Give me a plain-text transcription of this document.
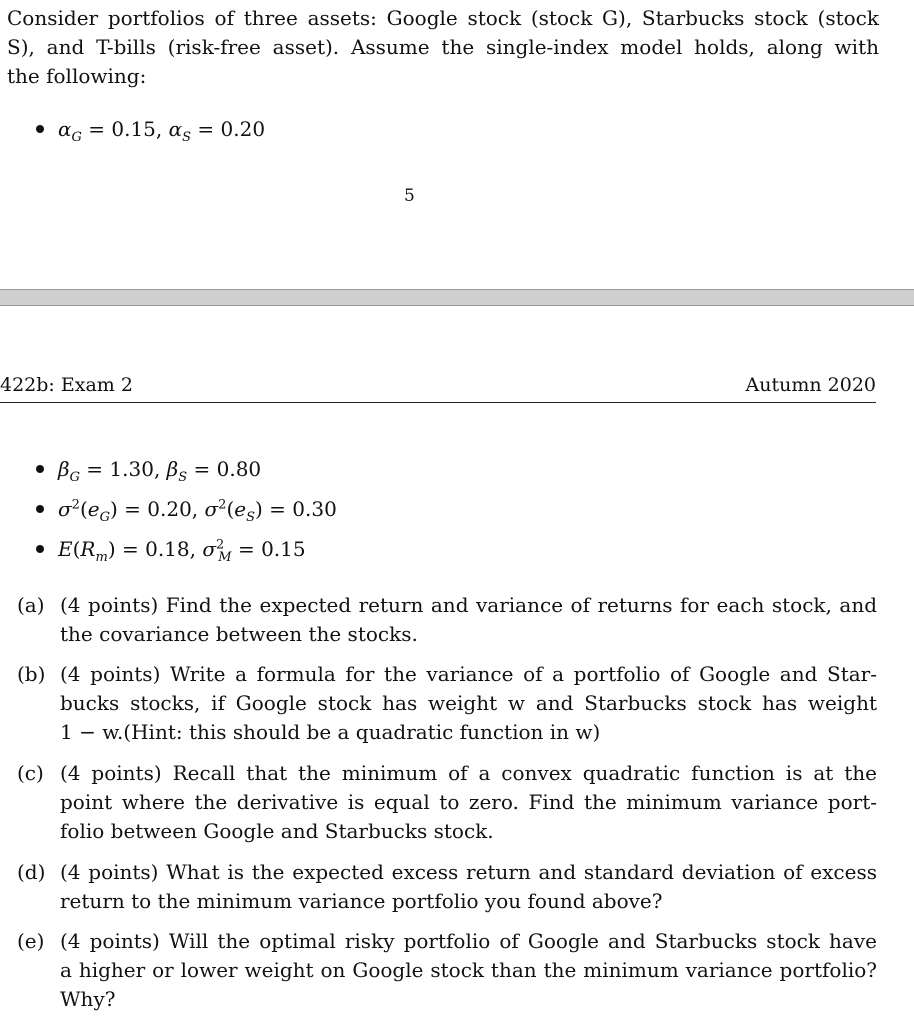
Consider portfolios of three assets: Google stock (stock G), Starbucks stock (stock
S), and T-bills (risk-free asset). Assume the single-index model holds, along with
the following:

$\alpha_G = 0.15$, $\alpha_S = 0.20$
5
422b: Exam 2	Autumn 2020
$\beta_G = 1.30$, $\beta_S = 0.80$
$\sigma^2(e_G) = 0.20$, $\sigma^2(e_S) = 0.30$
$E(R_m) = 0.18$, $\sigma^2_M = 0.15$
(a) (4 points) Find the expected return and variance of returns for each stock, and
the covariance between the stocks.
(b) (4 points) Write a formula for the variance of a portfolio of Google and Star-
bucks stocks, if Google stock has weight w and Starbucks stock has weight
1 − w.(Hint: this should be a quadratic function in w)
(c) (4 points) Recall that the minimum of a convex quadratic function is at the
point where the derivative is equal to zero. Find the minimum variance port-
folio between Google and Starbucks stock.
(d) (4 points) What is the expected excess return and standard deviation of excess
return to the minimum variance portfolio you found above?
(e) (4 points) Will the optimal risky portfolio of Google and Starbucks stock have
a higher or lower weight on Google stock than the minimum variance portfolio?
Why?
